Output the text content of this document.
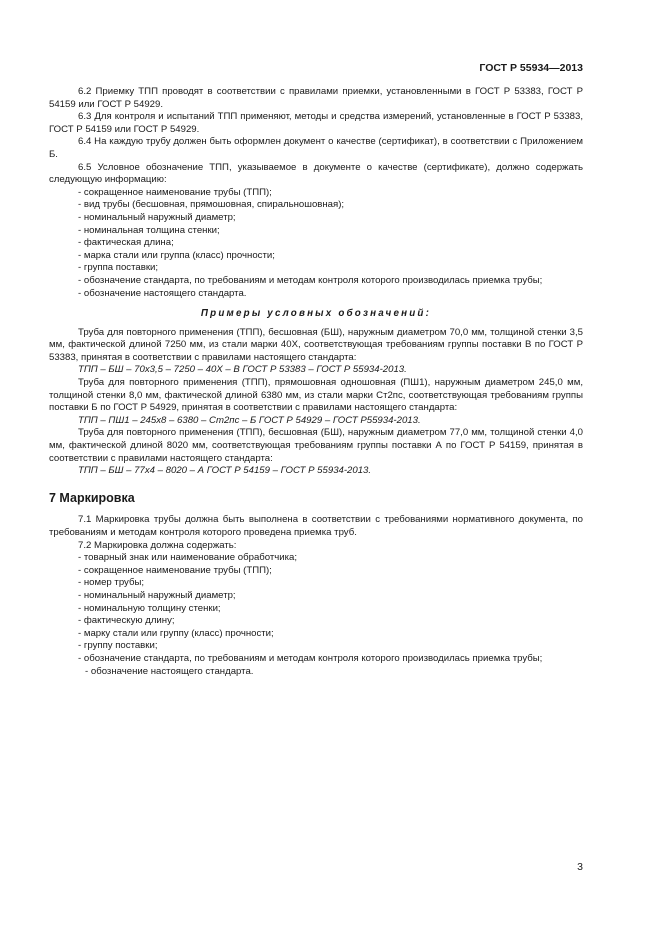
ГОСТ Р 55934—2013

6.2 Приемку ТПП проводят в соответствии с правилами приемки, установленными в ГОСТ Р 53383, ГОСТ Р 54159 или ГОСТ Р 54929.

6.3 Для контроля и испытаний ТПП применяют, методы и средства измерений, установленные в ГОСТ Р 53383, ГОСТ Р 54159 или ГОСТ Р 54929.

6.4 На каждую трубу должен быть оформлен документ о качестве (сертификат), в соответствии с Приложением Б.

6.5 Условное обозначение ТПП, указываемое в документе о качестве (сертификате), должно содержать следующую информацию:

- сокращенное наименование трубы (ТПП);

- вид трубы (бесшовная, прямошовная, спиральношовная);

- номинальный наружный диаметр;

- номинальная толщина стенки;

- фактическая длина;

- марка стали или группа (класс) прочности;

- группа поставки;

- обозначение стандарта, по требованиям и методам контроля которого производилась приемка трубы;

- обозначение настоящего стандарта.

Примеры условных обозначений:

Труба для повторного применения (ТПП), бесшовная (БШ), наружным диаметром 70,0 мм, толщиной стенки 3,5 мм, фактической длиной 7250 мм, из стали марки 40Х, соответствующая требованиям группы поставки В по ГОСТ Р 53383, принятая в соответствии с правилами настоящего стандарта:

ТПП – БШ – 70х3,5 – 7250 – 40Х – В ГОСТ Р 53383 – ГОСТ Р 55934-2013.

Труба для повторного применения (ТПП), прямошовная одношовная (ПШ1), наружным диаметром 245,0 мм, толщиной стенки 8,0 мм, фактической длиной 6380 мм, из стали марки Ст2пс, соответствующая требованиям группы поставки Б по ГОСТ Р 54929, принятая в соответствии с правилами настоящего стандарта:

ТПП – ПШ1 – 245х8 – 6380 – Ст2пс – Б ГОСТ Р 54929 – ГОСТ Р55934-2013.

Труба для повторного применения (ТПП), бесшовная (БШ), наружным диаметром 77,0 мм, толщиной стенки 4,0 мм, фактической длиной 8020 мм, соответствующая требованиям группы поставки А по ГОСТ Р 54159, принятая в соответствии с правилами настоящего стандарта:

ТПП – БШ – 77х4 – 8020 – А ГОСТ Р 54159 – ГОСТ Р 55934-2013.

7 Маркировка

7.1 Маркировка трубы должна быть выполнена в соответствии с требованиями нормативного документа, по требованиям и методам контроля которого проведена приемка труб.

7.2 Маркировка должна содержать:

- товарный знак или наименование обработчика;

- сокращенное наименование трубы (ТПП);

- номер трубы;

- номинальный наружный диаметр;

- номинальную толщину стенки;

- фактическую длину;

- марку стали или группу (класс) прочности;

- группу поставки;

- обозначение стандарта, по требованиям и методам контроля которого производилась приемка трубы;

- обозначение настоящего стандарта.

3
